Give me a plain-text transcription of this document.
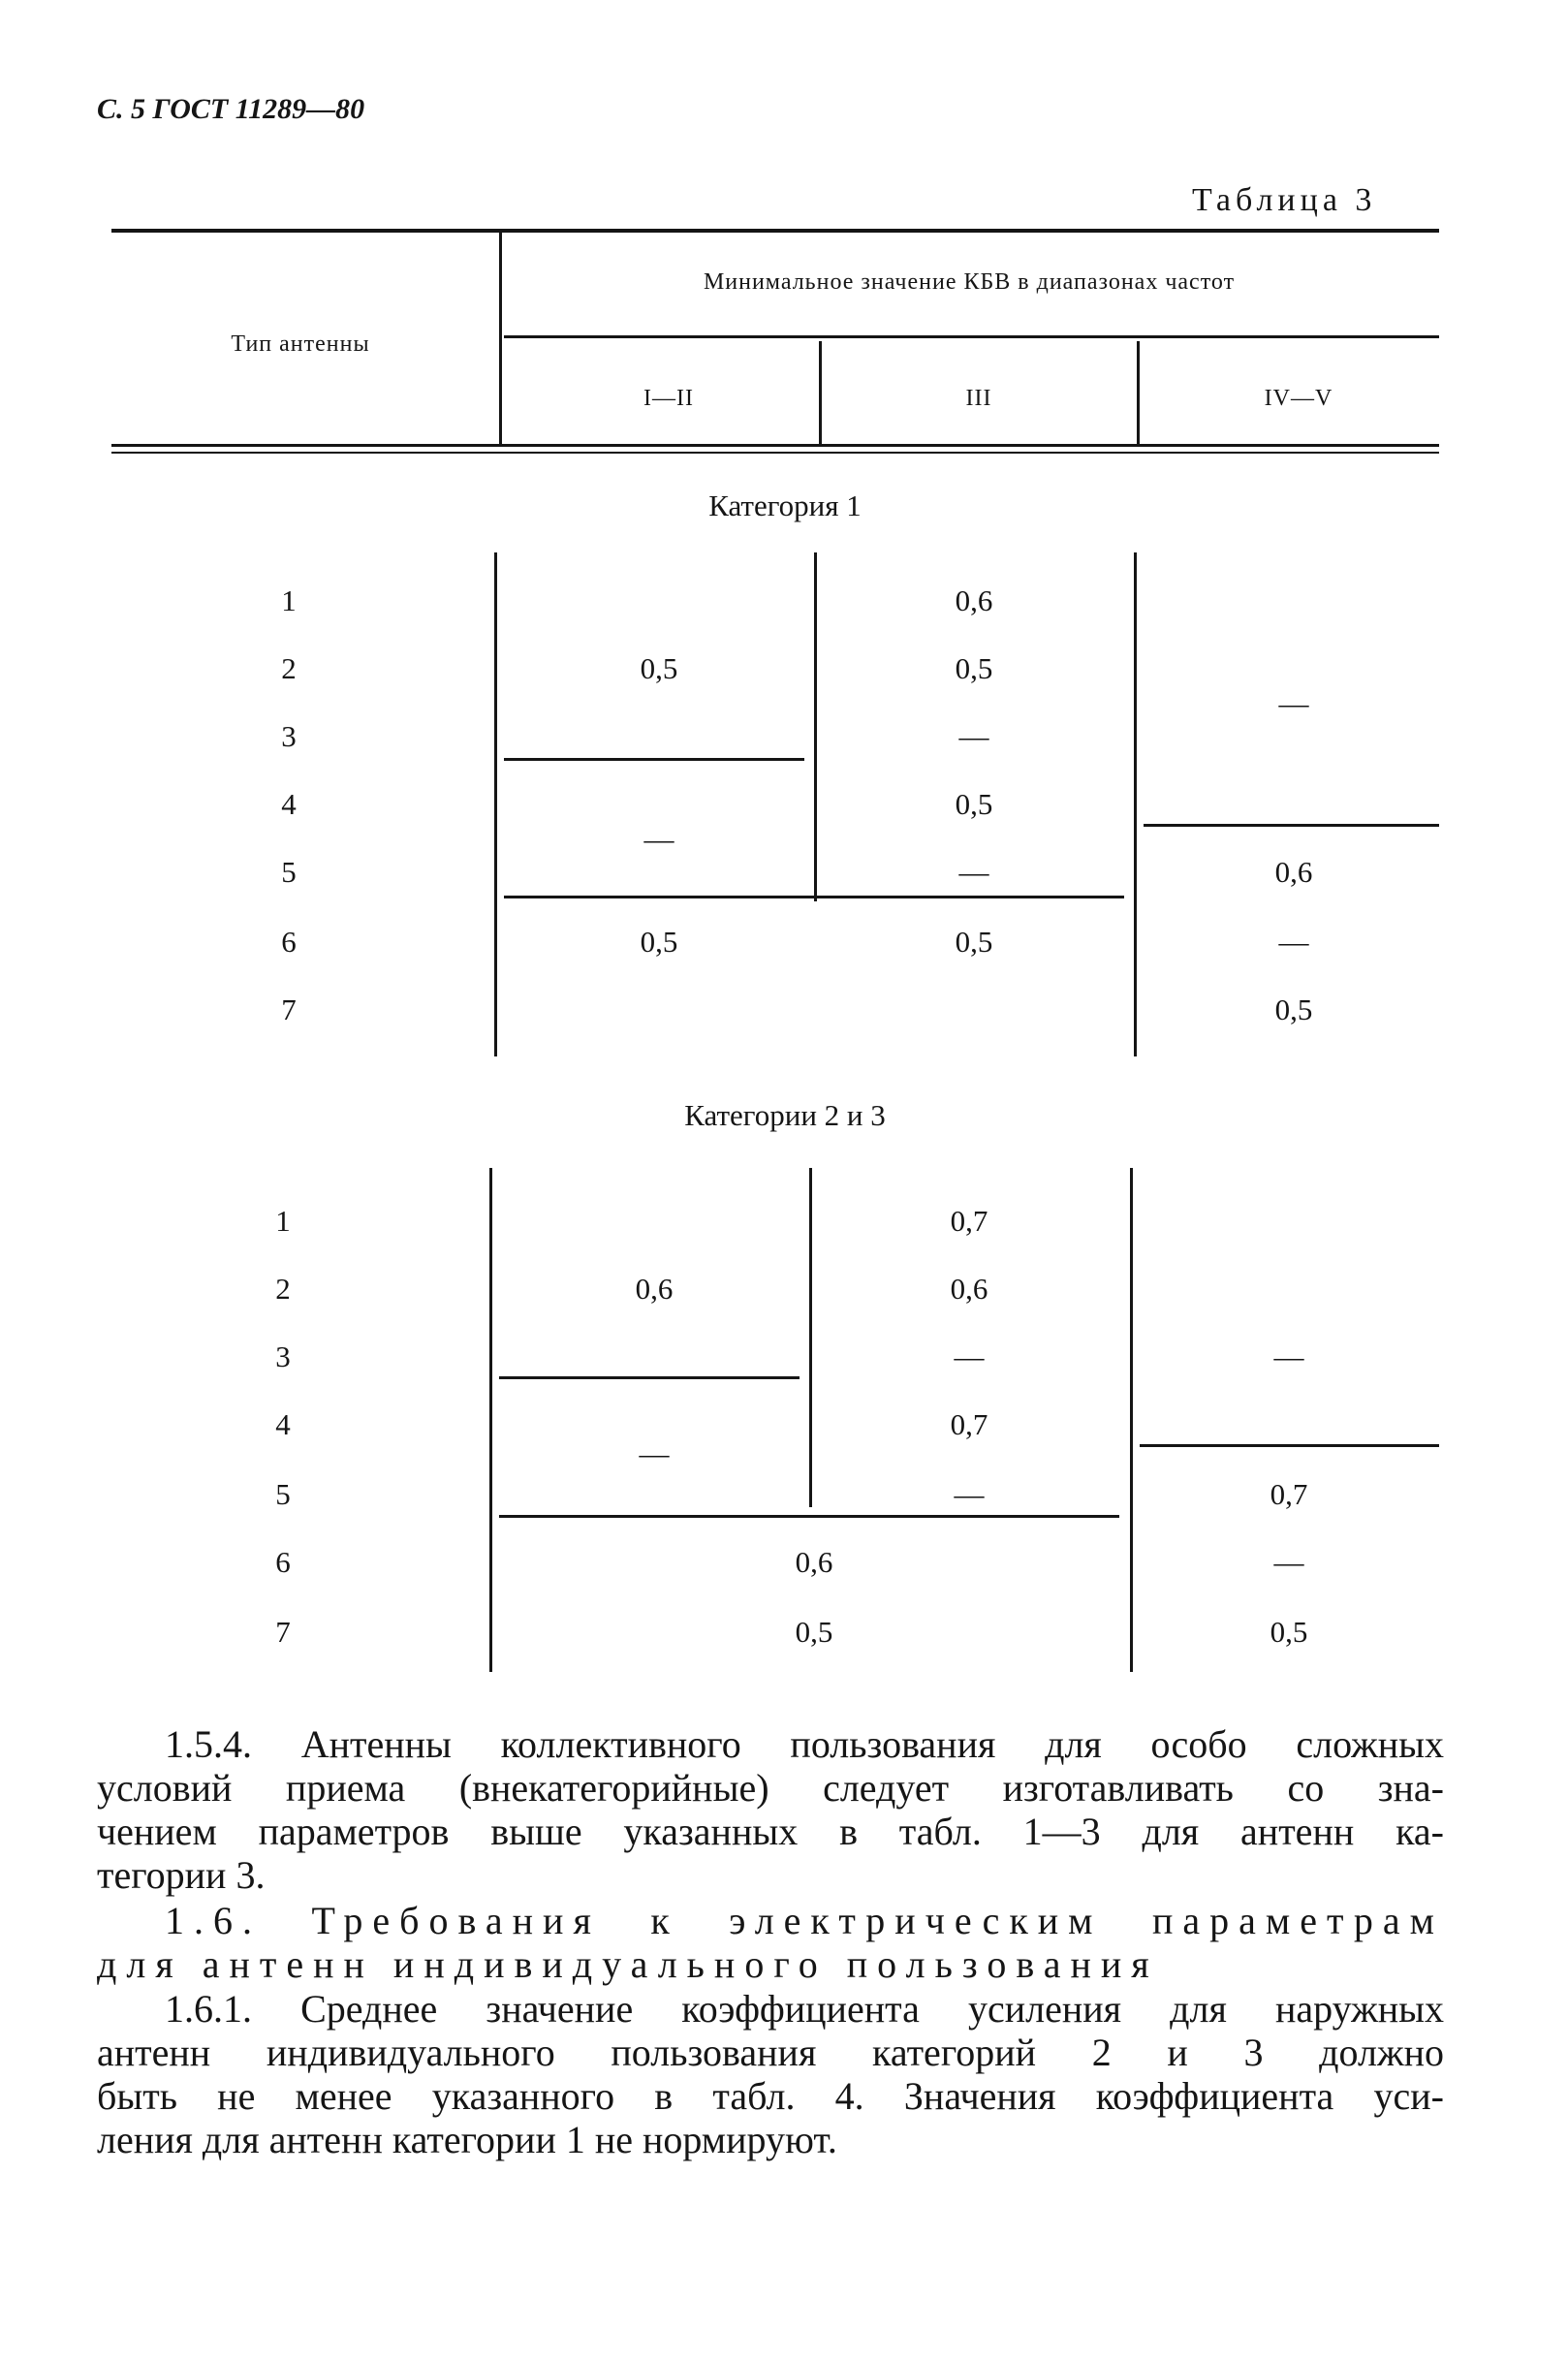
С. 5 ГОСТ 11289—80
Таблица 3
Тип антенны
Минимальное значение КБВ в диапазонах частот
I—II	III	IV—V
Категория 1
1
2
3
4
5
6
7
0,5
—
0,5
0,6
0,5
—
0,5
—
0,5
—
0,6
—
0,5
Категории 2 и 3
1
2
3
4
5
6
7
0,6
—
0,7
0,6
—
0,7
—
0,6
0,5
—
0,7
—
0,5
1.5.4. Антенны коллективного пользования для особо сложных
условий приема (внекатегорийные) следует изготавливать со зна-
чением параметров выше указанных в табл. 1—3 для антенн ка-
тегории 3.
1.6. Требования к электрическим параметрам
для антенн индивидуального пользования
1.6.1. Среднее значение коэффициента усиления для наружных
антенн индивидуального пользования категорий 2 и 3 должно
быть не менее указанного в табл. 4. Значения коэффициента уси-
ления для антенн категории 1 не нормируют.
